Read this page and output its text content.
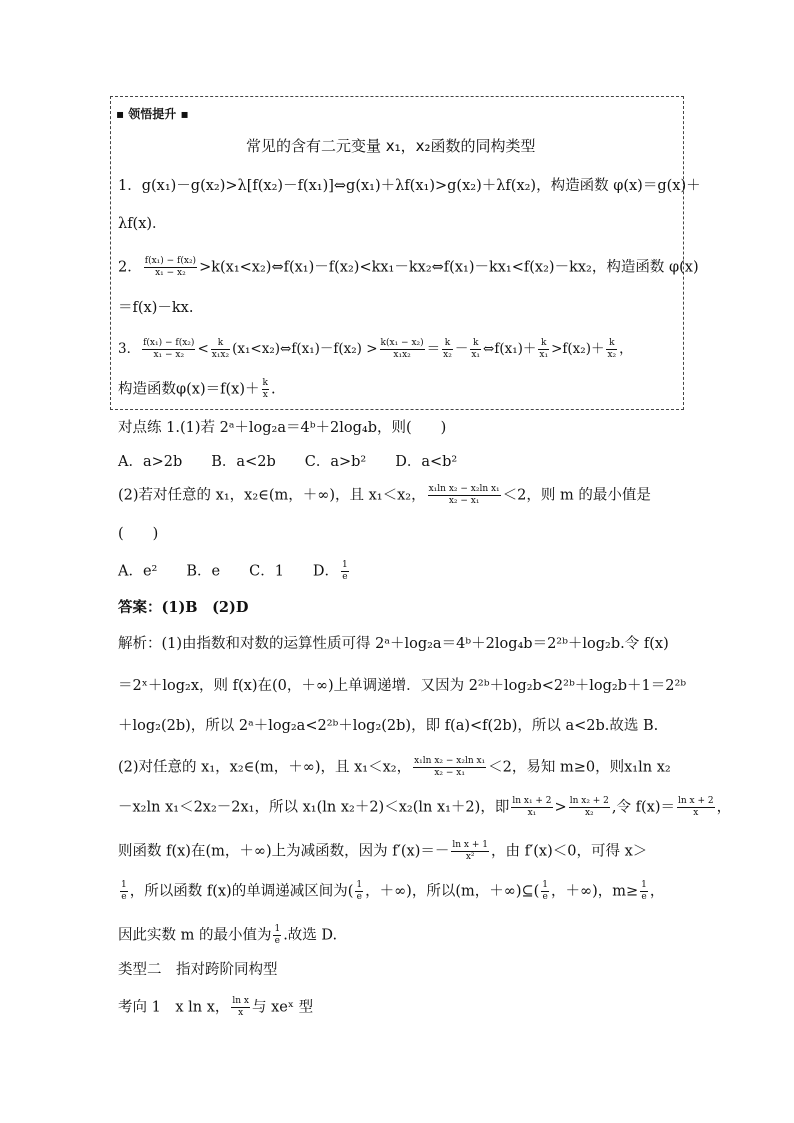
▪ 领悟提升 ▪
常见的含有二元变量 x₁，x₂函数的同构类型
1．g(x₁)－g(x₂)>λ[f(x₂)－f(x₁)]⇔g(x₁)＋λf(x₁)>g(x₂)＋λf(x₂)，构造函数 φ(x)＝g(x)＋
λf(x)．
2． $\frac{\text{f(x₁) − f(x₂)}}{\text{x₁ − x₂}}$ >k(x₁<x₂)⇔f(x₁)－f(x₂)<kx₁－kx₂⇔f(x₁)－kx₁<f(x₂)－kx₂，构造函数 φ(x)
＝f(x)－kx.
3． $\frac{\text{f(x₁) − f(x₂)}}{\text{x₁ − x₂}} < \frac{k}{\text{x₁x₂}}$ (x₁<x₂)⇔f(x₁)－f(x₂) > $\frac{\text{k(x₁ − x₂)}}{\text{x₁x₂}} = \frac{k}{\text{x₂}} - \frac{k}{\text{x₁}}$ ⇔f(x₁)＋ $\frac{k}{\text{x₁}} >f(x_2)+ \frac{k}{\text{x₂}}$ ，
构造函数$\varphi(x)=f(x)+ \frac{k}{x}$ .
对点练 1.(1)若 2ᵃ＋log₂a＝4ᵇ＋2log₄b，则(　　)
A．a>2b　　B．a<2b　　C．a>b²　　D．a<b²
(2)若对任意的 x₁，x₂∈(m，＋∞)，且 x₁＜x₂， $\frac{\text{x₁ln x₂ − x₂ln x₁}}{\text{x₂ − x₁}} <2$，则 m 的最小值是
(　　)
A．e²　　B．e　　C．1　　D． $\frac{1}{e}$
答案：(1)B　(2)D
解析：(1)由指数和对数的运算性质可得 2ᵃ＋log₂a＝4ᵇ＋2log₄b＝2²ᵇ＋log₂b.令 f(x)
＝2ˣ＋log₂x，则 f(x)在(0，＋∞)上单调递增．又因为 2²ᵇ＋log₂b<2²ᵇ＋log₂b＋1＝2²ᵇ
＋log₂(2b)，所以 2ᵃ＋log₂a<2²ᵇ＋log₂(2b)，即 f(a)<f(2b)，所以 a<2b.故选 B.
(2)对任意的 x₁，x₂∈(m，＋∞)，且 x₁＜x₂， $\frac{\text{x₁ln x₂ − x₂ln x₁}}{\text{x₂ − x₁}} <2$，易知 m≥0，则x₁ln x₂
－x₂ln x₁＜2x₂－2x₁，所以 x₁(ln x₂＋2)＜x₂(ln x₁＋2)，即 $\frac{\text{ln x₁ + 2}}{\text{x₁}} > \frac{\text{ln x₂ + 2}}{\text{x₂}}$ ,令 $f(x)= \frac{\text{ln x + 2}}{x}$ ，
则函数 f(x)在(m，＋∞)上为减函数，因为 $f'(x)=- \frac{\text{ln x + 1}}{\text{x²}}$ ，由 f′(x)＜0，可得 x＞
$\frac{1}{e}$ ，所以函数 f(x)的单调递减区间为( $\frac{1}{e}$ ，＋∞)，所以(m，＋∞)⊆( $\frac{1}{e}$ ，＋∞)，$m\ge \frac{1}{e}$ ，
因此实数 m 的最小值为 $\frac{1}{e}$ .故选 D.
类型二　指对跨阶同构型
考向 1　x ln x， $\frac{\text{ln x}}{x}$ 与 xeˣ 型
